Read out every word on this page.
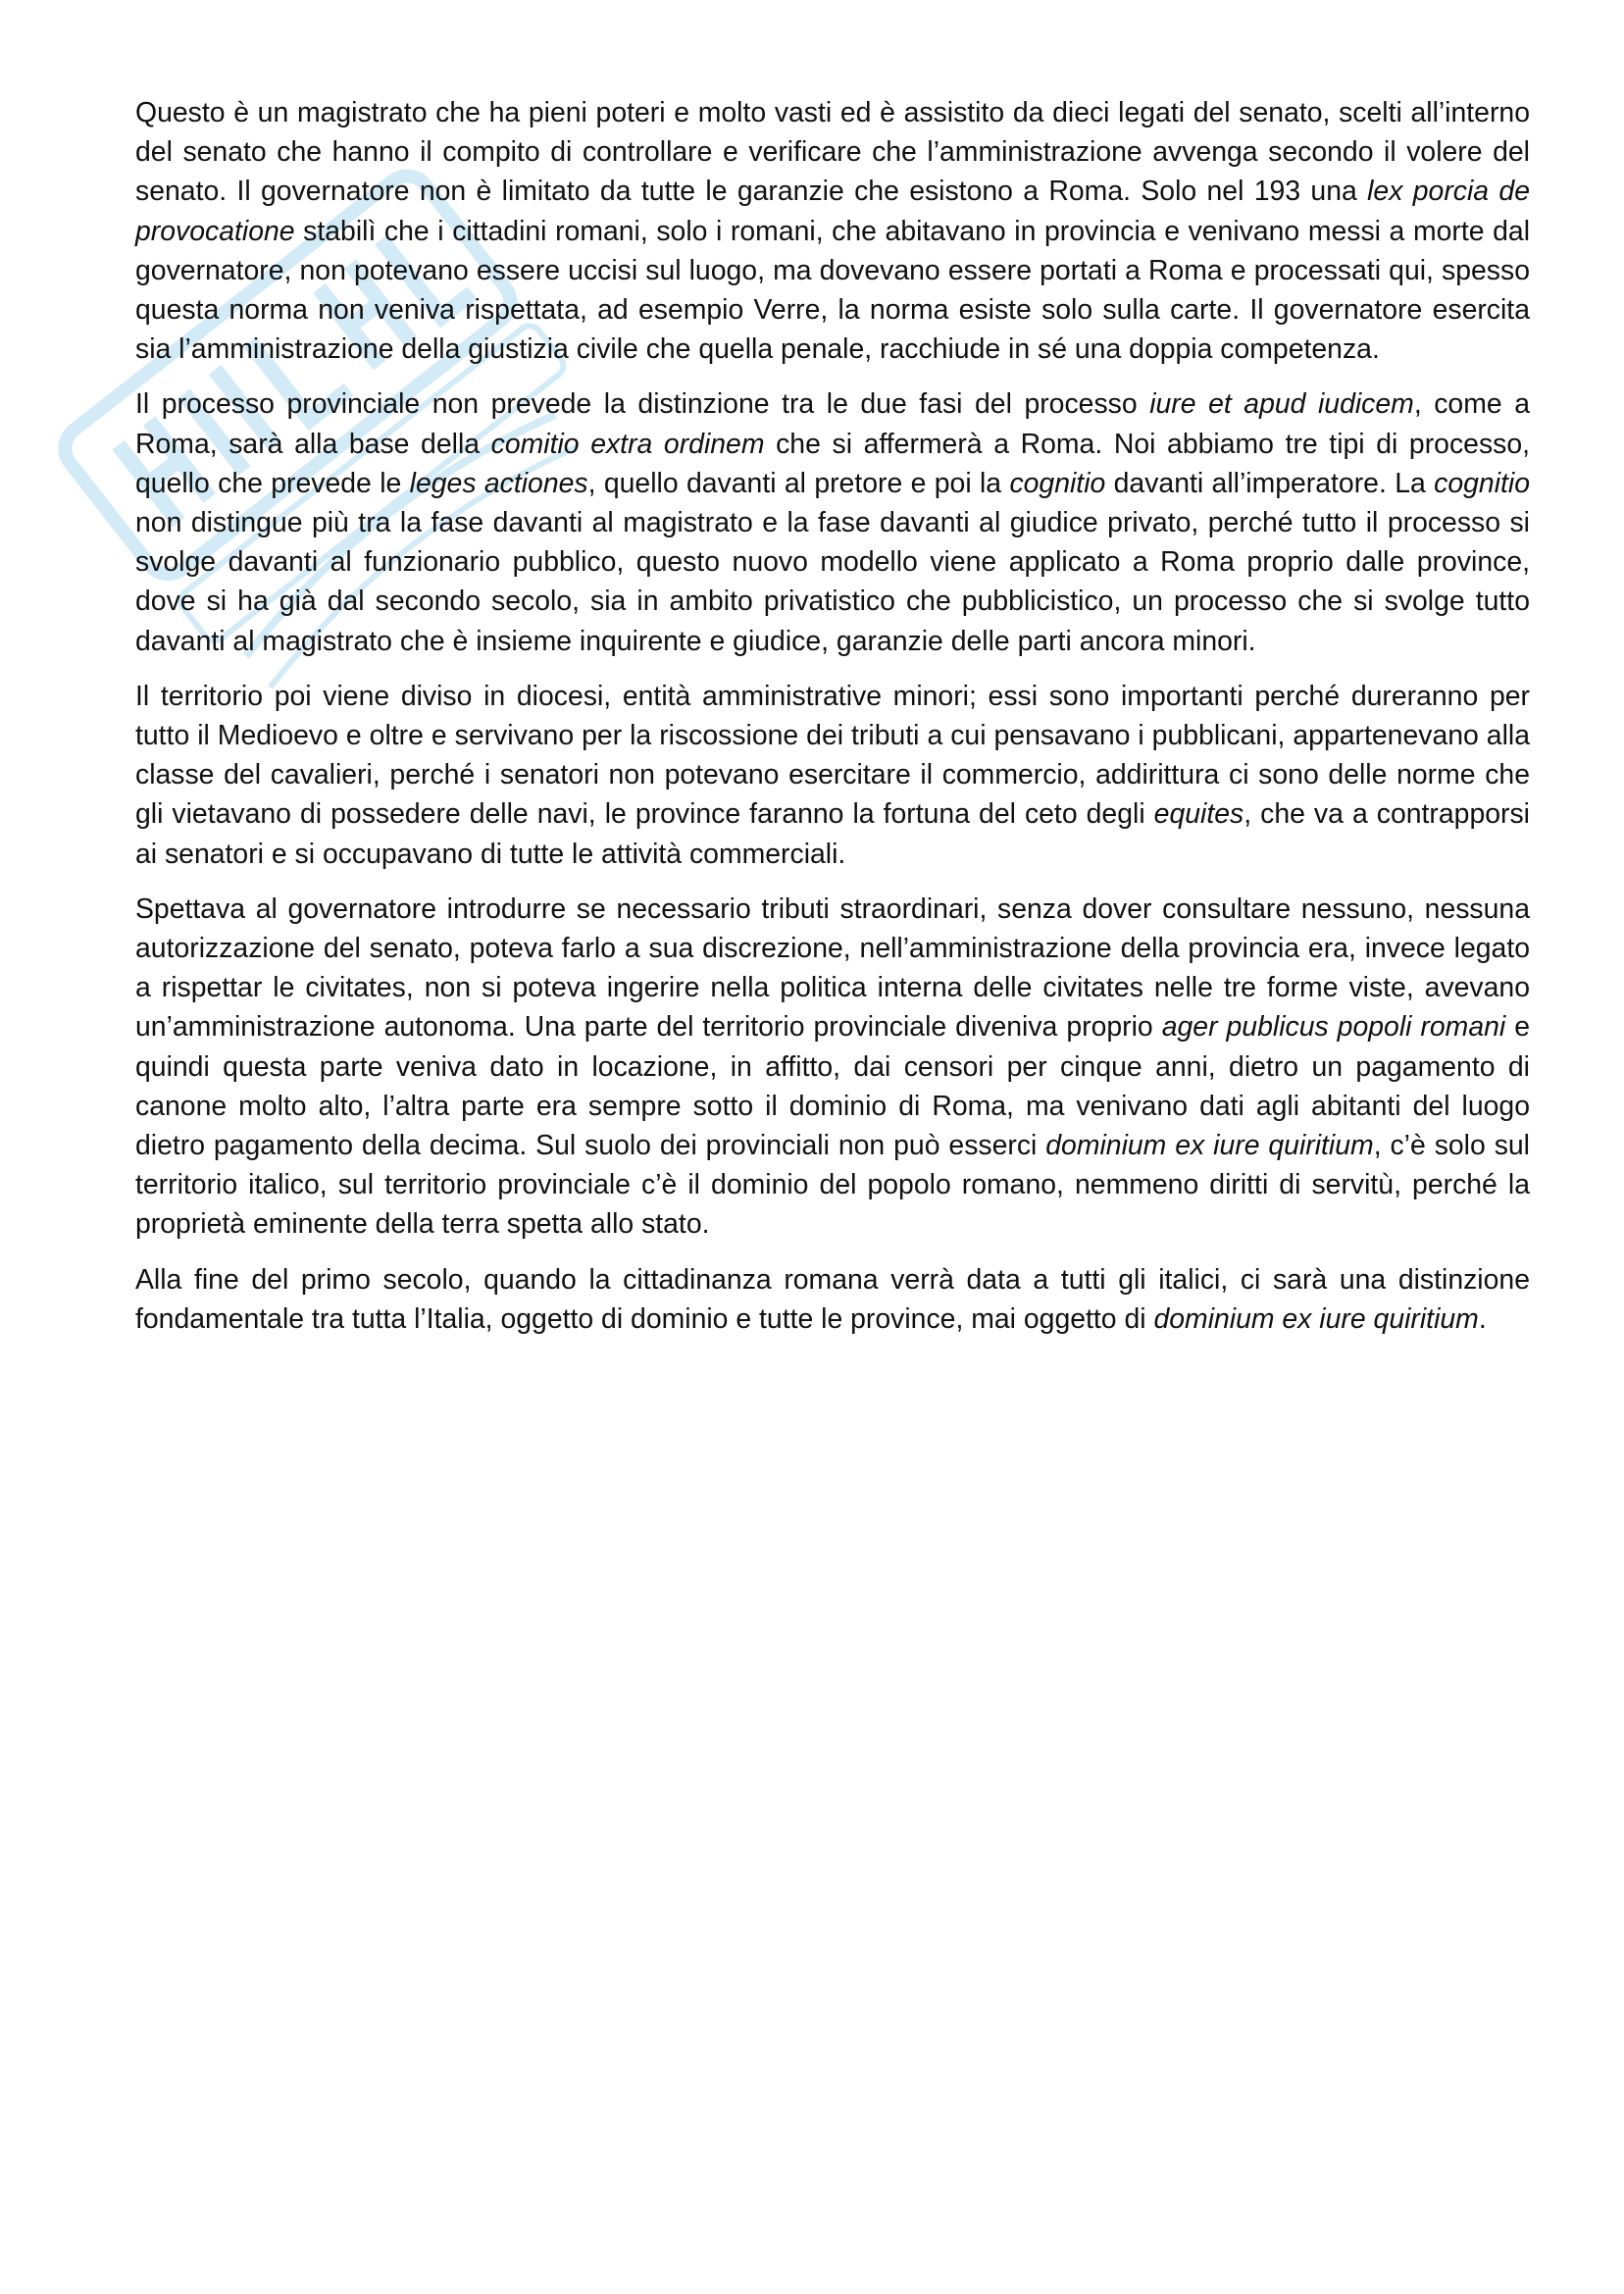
Questo è un magistrato che ha pieni poteri e molto vasti ed è assistito da dieci legati del senato, scelti all’interno del senato che hanno il compito di controllare e verificare che l’amministrazione avvenga secondo il volere del senato. Il governatore non è limitato da tutte le garanzie che esistono a Roma. Solo nel 193 una lex porcia de provocatione stabilì che i cittadini romani, solo i romani, che abitavano in provincia e venivano messi a morte dal governatore, non potevano essere uccisi sul luogo, ma dovevano essere portati a Roma e processati qui, spesso questa norma non veniva rispettata, ad esempio Verre, la norma esiste solo sulla carte. Il governatore esercita sia l’amministrazione della giustizia civile che quella penale, racchiude in sé una doppia competenza.

Il processo provinciale non prevede la distinzione tra le due fasi del processo iure et apud iudicem, come a Roma, sarà alla base della comitio extra ordinem che si affermerà a Roma. Noi abbiamo tre tipi di processo, quello che prevede le leges actiones, quello davanti al pretore e poi la cognitio davanti all’imperatore. La cognitio non distingue più tra la fase davanti al magistrato e la fase davanti al giudice privato, perché tutto il processo si svolge davanti al funzionario pubblico, questo nuovo modello viene applicato a Roma proprio dalle province, dove si ha già dal secondo secolo, sia in ambito privatistico che pubblicistico, un processo che si svolge tutto davanti al magistrato che è insieme inquirente e giudice, garanzie delle parti ancora minori.

Il territorio poi viene diviso in diocesi, entità amministrative minori; essi sono importanti perché dureranno per tutto il Medioevo e oltre e servivano per la riscossione dei tributi a cui pensavano i pubblicani, appartenevano alla classe del cavalieri, perché i senatori non potevano esercitare il commercio, addirittura ci sono delle norme che gli vietavano di possedere delle navi, le province faranno la fortuna del ceto degli equites, che va a contrapporsi ai senatori e si occupavano di tutte le attività commerciali.

Spettava al governatore introdurre se necessario tributi straordinari, senza dover consultare nessuno, nessuna autorizzazione del senato, poteva farlo a sua discrezione, nell’amministrazione della provincia era, invece legato a rispettar le civitates, non si poteva ingerire nella politica interna delle civitates nelle tre forme viste, avevano un’amministrazione autonoma. Una parte del territorio provinciale diveniva proprio ager publicus popoli romani e quindi questa parte veniva dato in locazione, in affitto, dai censori per cinque anni, dietro un pagamento di canone molto alto, l’altra parte era sempre sotto il dominio di Roma, ma venivano dati agli abitanti del luogo dietro pagamento della decima. Sul suolo dei provinciali non può esserci dominium ex iure quiritium, c’è solo sul territorio italico, sul territorio provinciale c’è il dominio del popolo romano, nemmeno diritti di servitù, perché la proprietà eminente della terra spetta allo stato.

Alla fine del primo secolo, quando la cittadinanza romana verrà data a tutti gli italici, ci sarà una distinzione fondamentale tra tutta l’Italia, oggetto di dominio e tutte le province, mai oggetto di dominium ex iure quiritium.
